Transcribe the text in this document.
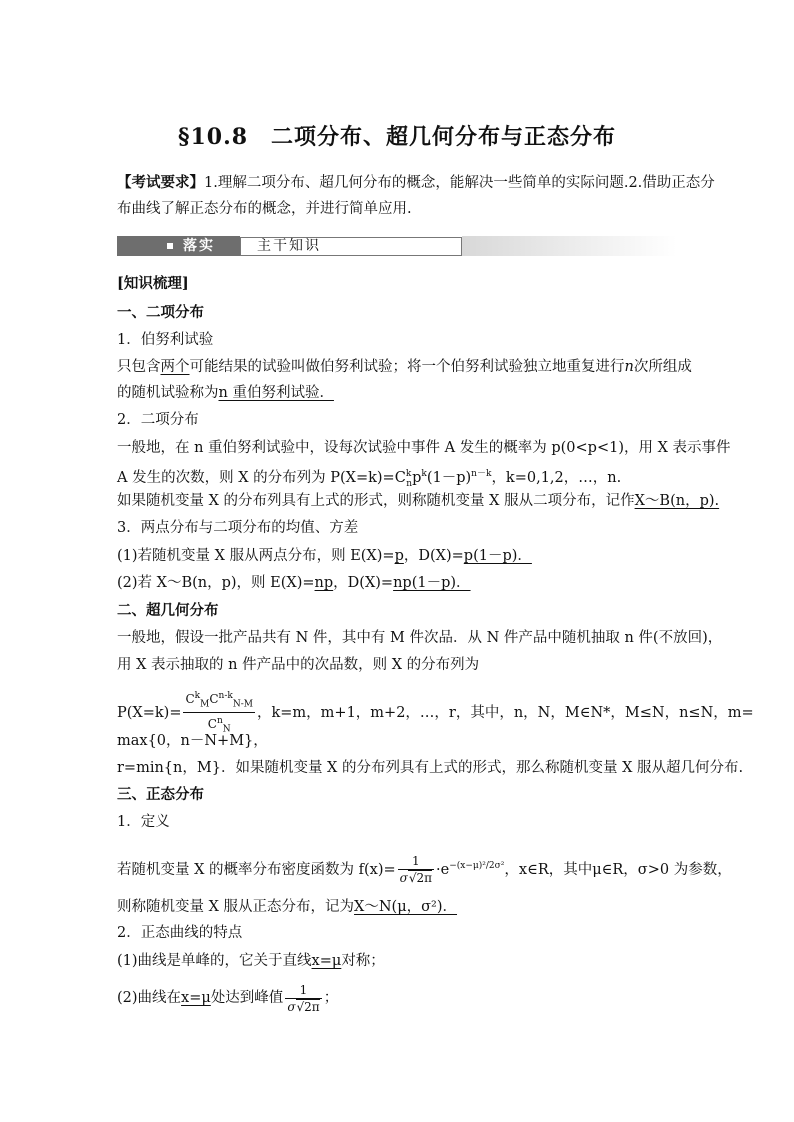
§10.8　二项分布、超几何分布与正态分布
【考试要求】1.理解二项分布、超几何分布的概念，能解决一些简单的实际问题.2.借助正态分
布曲线了解正态分布的概念，并进行简单应用.
落实	主干知识
[知识梳理]
一、二项分布
1．伯努利试验
只包含两个可能结果的试验叫做伯努利试验；将一个伯努利试验独立地重复进行n次所组成
的随机试验称为n 重伯努利试验．
2．二项分布
一般地，在 n 重伯努利试验中，设每次试验中事件 A 发生的概率为 p(0<p<1)，用 X 表示事件
A 发生的次数，则 X 的分布列为 $P(X=k)=C^k_np^k(1-p)^{n-k}$，k=0,1,2，…，n.
如果随机变量 X 的分布列具有上式的形式，则称随机变量 X 服从二项分布，记作X～B(n，p).
3．两点分布与二项分布的均值、方差
(1)若随机变量 X 服从两点分布，则 E(X)=p，D(X)=p(1－p)．
(2)若 X～B(n，p)，则 E(X)=np，D(X)=np(1－p)．
二、超几何分布
一般地，假设一批产品共有 N 件，其中有 M 件次品．从 N 件产品中随机抽取 n 件(不放回)，
用 X 表示抽取的 n 件产品中的次品数，则 X 的分布列为
$P(X=k)= \frac{C^k_MC^{n-k}_{N-M}}{C^n_N}$ ，k=m，m+1，m+2，…，r，其中，n，N，M∈N*，M≤N，n≤N，m=
max{0，n－N+M}，
r=min{n，M}．如果随机变量 X 的分布列具有上式的形式，那么称随机变量 X 服从超几何分布.
三、正态分布
1．定义
若随机变量 X 的概率分布密度函数为 $f(x)= \frac{1}{\sigma√2\pi} \cdot e^{-(x-\mu)^2/2\sigma^2}$，x∈R，其中μ∈R，σ>0 为参数，
则称随机变量 X 服从正态分布，记为X～N(μ，σ²)．
2．正态曲线的特点
(1)曲线是单峰的，它关于直线x=μ对称；
(2)曲线在x=μ处达到峰值 $\frac{1}{\sigma√2\pi}$ ；
